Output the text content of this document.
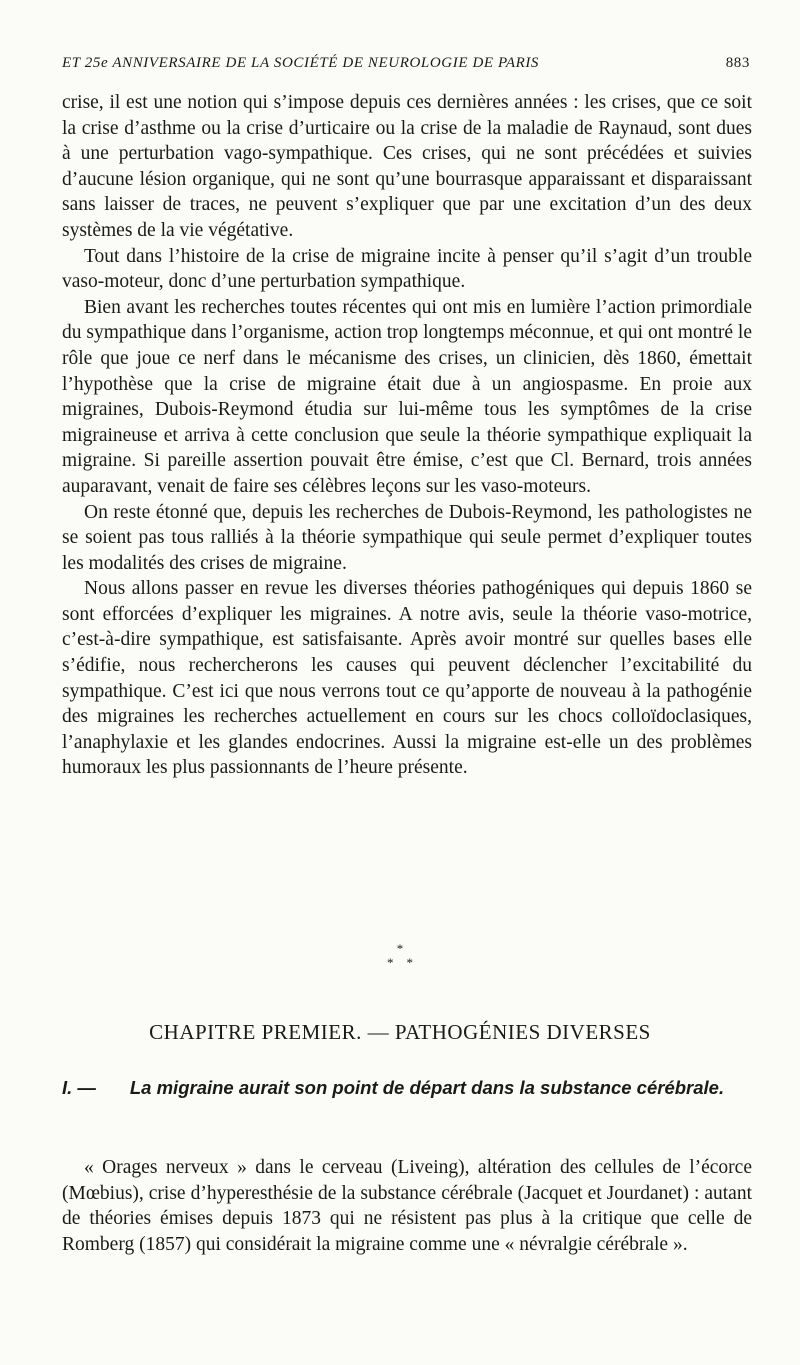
ET 25e ANNIVERSAIRE DE LA SOCIÉTÉ DE NEUROLOGIE DE PARIS	883

crise, il est une notion qui s’impose depuis ces dernières années : les crises, que ce soit la crise d’asthme ou la crise d’urticaire ou la crise de la maladie de Raynaud, sont dues à une perturbation vago-sympathique. Ces crises, qui ne sont précédées et suivies d’aucune lésion organique, qui ne sont qu’une bourrasque apparaissant et disparaissant sans laisser de traces, ne peuvent s’expliquer que par une excitation d’un des deux systèmes de la vie végétative.

Tout dans l’histoire de la crise de migraine incite à penser qu’il s’agit d’un trouble vaso-moteur, donc d’une perturbation sympathique.

Bien avant les recherches toutes récentes qui ont mis en lumière l’action primordiale du sympathique dans l’organisme, action trop longtemps méconnue, et qui ont montré le rôle que joue ce nerf dans le mécanisme des crises, un clinicien, dès 1860, émettait l’hypothèse que la crise de migraine était due à un angiospasme. En proie aux migraines, Dubois-Reymond étudia sur lui-même tous les symptômes de la crise migraineuse et arriva à cette conclusion que seule la théorie sympathique expliquait la migraine. Si pareille assertion pouvait être émise, c’est que Cl. Bernard, trois années auparavant, venait de faire ses célèbres leçons sur les vaso-moteurs.

On reste étonné que, depuis les recherches de Dubois-Reymond, les pathologistes ne se soient pas tous ralliés à la théorie sympathique qui seule permet d’expliquer toutes les modalités des crises de migraine.

Nous allons passer en revue les diverses théories pathogéniques qui depuis 1860 se sont efforcées d’expliquer les migraines. A notre avis, seule la théorie vaso-motrice, c’est-à-dire sympathique, est satisfaisante. Après avoir montré sur quelles bases elle s’édifie, nous rechercherons les causes qui peuvent déclencher l’excitabilité du sympathique. C’est ici que nous verrons tout ce qu’apporte de nouveau à la pathogénie des migraines les recherches actuellement en cours sur les chocs colloïdoclasiques, l’anaphylaxie et les glandes endocrines. Aussi la migraine est-elle un des problèmes humoraux les plus passionnants de l’heure présente.

*
* *
CHAPITRE PREMIER. — PATHOGÉNIES DIVERSES
I. —	La migraine aurait son point de départ dans la substance cérébrale.

« Orages nerveux » dans le cerveau (Liveing), altération des cellules de l’écorce (Mœbius), crise d’hyperesthésie de la substance cérébrale (Jacquet et Jourdanet) : autant de théories émises depuis 1873 qui ne résistent pas plus à la critique que celle de Romberg (1857) qui considérait la migraine comme une « névralgie cérébrale ».
